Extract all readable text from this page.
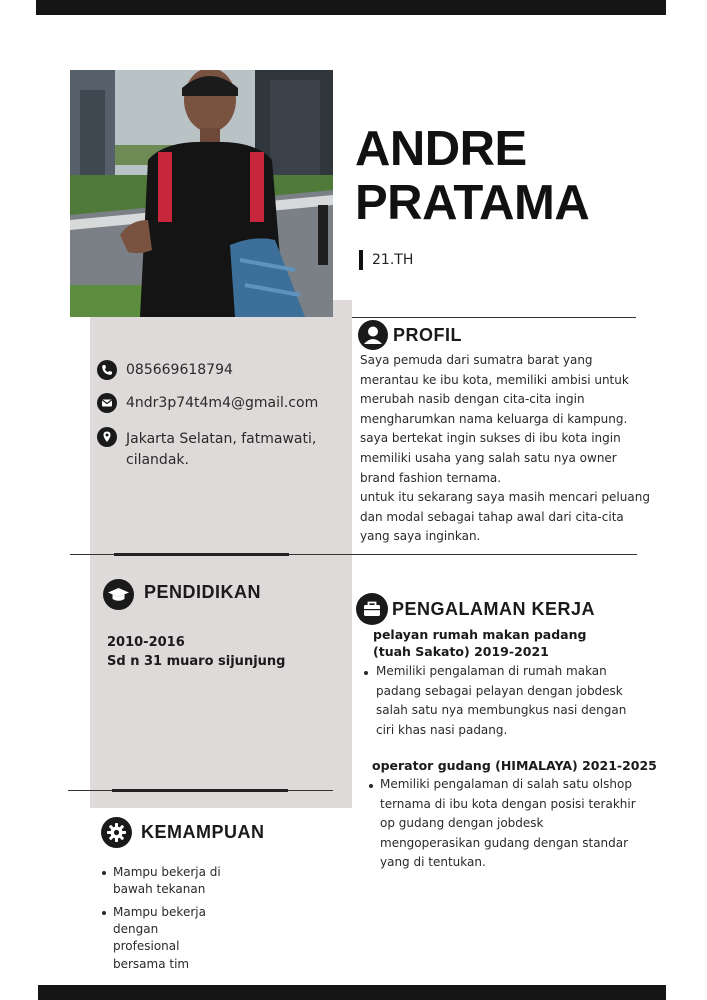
ANDRE
PRATAMA
21.TH
085669618794
4ndr3p74t4m4@gmail.com
Jakarta Selatan, fatmawati,
cilandak.
PROFIL
Saya pemuda dari sumatra barat yang
merantau ke ibu kota, memiliki ambisi untuk
merubah nasib dengan cita-cita ingin
mengharumkan nama keluarga di kampung.
saya bertekat ingin sukses di ibu kota ingin
memiliki usaha yang salah satu nya owner
brand fashion ternama.
untuk itu sekarang saya masih mencari peluang
dan modal sebagai tahap awal dari cita-cita
yang saya inginkan.
PENDIDIKAN
2010-2016
Sd n 31 muaro sijunjung
PENGALAMAN KERJA
pelayan rumah makan padang
(tuah Sakato) 2019-2021
Memiliki pengalaman di rumah makan
padang sebagai pelayan dengan jobdesk
salah satu nya membungkus nasi dengan
ciri khas nasi padang.
operator gudang (HIMALAYA) 2021-2025
Memiliki pengalaman di salah satu olshop
ternama di ibu kota dengan posisi terakhir
op gudang dengan jobdesk
mengoperasikan gudang dengan standar
yang di tentukan.
KEMAMPUAN
Mampu bekerja di
bawah tekanan
Mampu bekerja
dengan
profesional
bersama tim
